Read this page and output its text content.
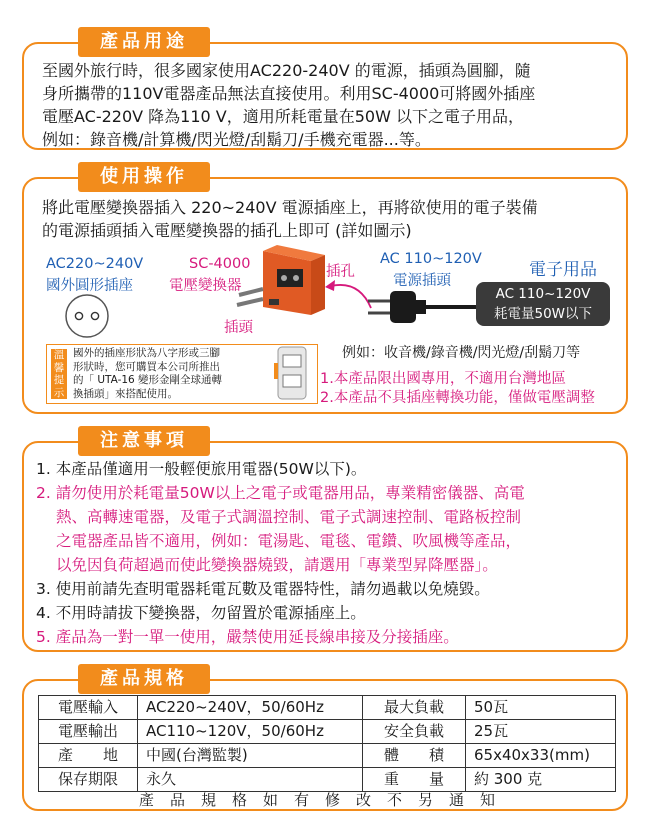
產品用途
至國外旅行時，很多國家使用AC220-240V 的電源，插頭為圓腳，隨
身所攜帶的110V電器產品無法直接使用。利用SC-4000可將國外插座
電壓AC-220V 降為110 V，適用所耗電量在50W 以下之電子用品，
例如：錄音機/計算機/閃光燈/刮鬍刀/手機充電器...等。
使用操作
將此電壓變換器插入 220~240V 電源插座上，再將欲使用的電子裝備
的電源插頭插入電壓變換器的插孔上即可 (詳如圖示)
AC220~240V
國外圓形插座
SC-4000
電壓變換器
插孔
插頭
AC 110~120V
電源插頭
電子用品
AC 110~120V
耗電量50W以下
例如：收音機/錄音機/閃光燈/刮鬍刀等
溫
馨
提
示
國外的插座形狀為八字形或三腳
形狀時，您可購買本公司所推出
的「 UTA-16 變形金剛全球通轉
換插頭」來搭配使用。
1.本產品限出國專用，不適用台灣地區
2.本產品不具插座轉換功能，僅做電壓調整
注意事項
1. 本產品僅適用一般輕便旅用電器(50W以下)。
2. 請勿使用於耗電量50W以上之電子或電器用品，專業精密儀器、高電
熱、高轉速電器，及電子式調溫控制、電子式調速控制、電路板控制
之電器產品皆不適用，例如：電湯匙、電毯、電鑽、吹風機等產品，
以免因負荷超過而使此變換器燒毀，請選用「專業型昇降壓器」。
3. 使用前請先查明電器耗電瓦數及電器特性，請勿過載以免燒毀。
4. 不用時請拔下變換器，勿留置於電源插座上。
5. 產品為一對一單一使用，嚴禁使用延長線串接及分接插座。
產品規格
電壓輸入	AC220~240V，50/60Hz	最大負載	50瓦
電壓輸出	AC110~120V，50/60Hz	安全負載	25瓦
產　　地	中國(台灣監製)	體　　積	65x40x33(mm)
保存期限	永久	重　　量	約 300 克
產品規格如有修改不另通知
